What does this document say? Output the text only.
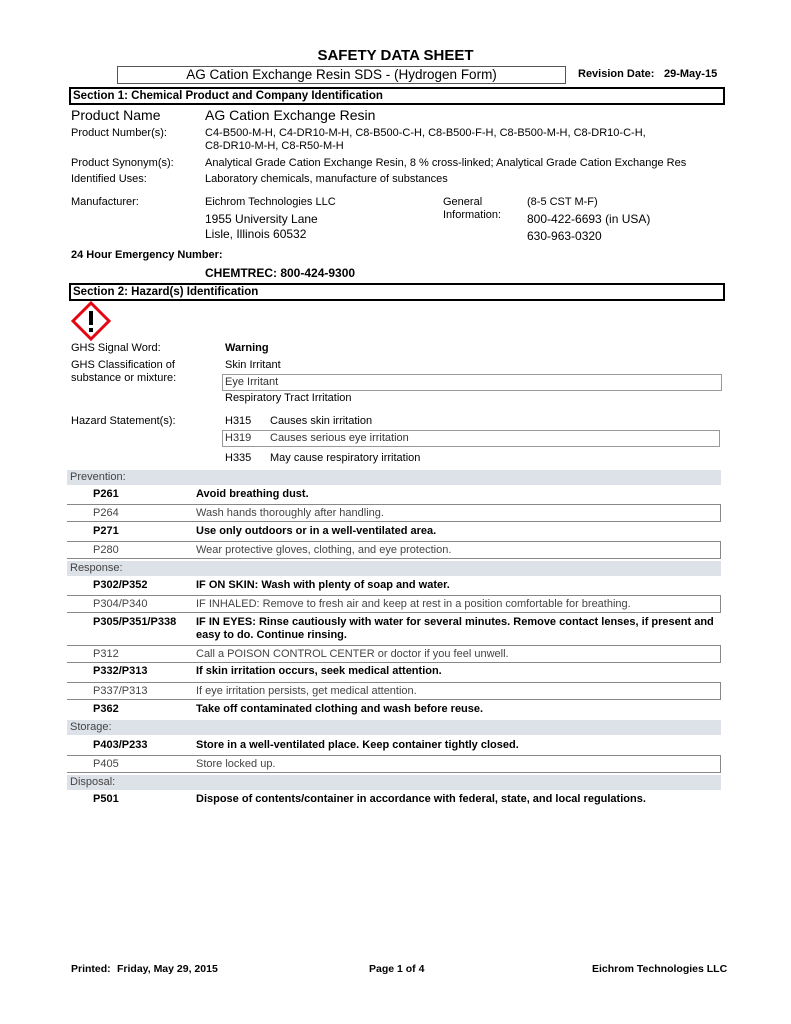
SAFETY DATA SHEET
AG Cation Exchange Resin SDS - (Hydrogen Form)	Revision Date: 29-May-15
Section 1: Chemical Product and Company Identification
Product Name	AG Cation Exchange Resin
Product Number(s):	C4-B500-M-H, C4-DR10-M-H, C8-B500-C-H, C8-B500-F-H, C8-B500-M-H, C8-DR10-C-H,
C8-DR10-M-H, C8-R50-M-H
Product Synonym(s):	Analytical Grade Cation Exchange Resin, 8 % cross-linked; Analytical Grade Cation Exchange Res
Identified Uses:	Laboratory chemicals, manufacture of substances
Manufacturer:	Eichrom Technologies LLC
1955 University Lane
Lisle, Illinois 60532
General
Information:
(8-5 CST M-F)
800-422-6693 (in USA)
630-963-0320
24 Hour Emergency Number:
CHEMTREC: 800-424-9300
Section 2: Hazard(s) Identification
GHS Signal Word:	Warning
GHS Classification of
substance or mixture:
Skin Irritant
Eye Irritant
Respiratory Tract Irritation
Hazard Statement(s):	H315 Causes skin irritation
H319 Causes serious eye irritation
H335 May cause respiratory irritation
Prevention:
P261	Avoid breathing dust.
P264	Wash hands thoroughly after handling.
P271	Use only outdoors or in a well-ventilated area.
P280	Wear protective gloves, clothing, and eye protection.
Response:
P302/P352	IF ON SKIN: Wash with plenty of soap and water.
P304/P340	IF INHALED: Remove to fresh air and keep at rest in a position comfortable for breathing.
P305/P351/P338 IF IN EYES: Rinse cautiously with water for several minutes. Remove contact lenses, if present and easy to do. Continue rinsing.
P312	Call a POISON CONTROL CENTER or doctor if you feel unwell.
P332/P313	If skin irritation occurs, seek medical attention.
P337/P313	If eye irritation persists, get medical attention.
P362	Take off contaminated clothing and wash before reuse.
Storage:
P403/P233	Store in a well-ventilated place. Keep container tightly closed.
P405	Store locked up.
Disposal:
P501	Dispose of contents/container in accordance with federal, state, and local regulations.
Printed: Friday, May 29, 2015	Page 1 of 4	Eichrom Technologies LLC
